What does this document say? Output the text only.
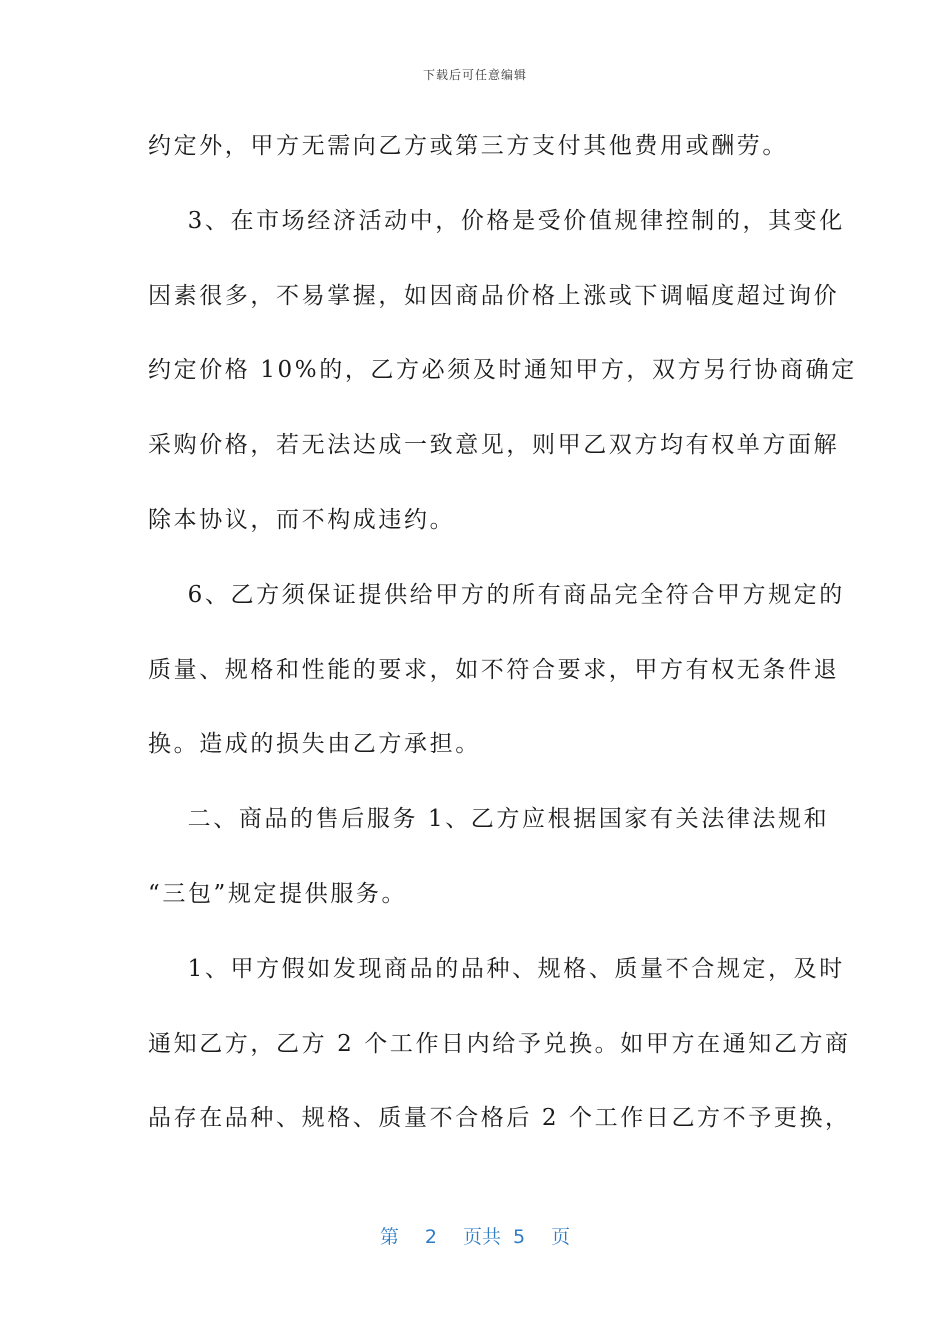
下载后可任意编辑
约定外，甲方无需向乙方或第三方支付其他费用或酬劳。
3、在市场经济活动中，价格是受价值规律控制的，其变化
因素很多，不易掌握，如因商品价格上涨或下调幅度超过询价
约定价格 10%的，乙方必须及时通知甲方，双方另行协商确定
采购价格，若无法达成一致意见，则甲乙双方均有权单方面解
除本协议，而不构成违约。
6、乙方须保证提供给甲方的所有商品完全符合甲方规定的
质量、规格和性能的要求，如不符合要求，甲方有权无条件退
换。造成的损失由乙方承担。
二、商品的售后服务 1、乙方应根据国家有关法律法规和
“三包”规定提供服务。
1、甲方假如发现商品的品种、规格、质量不合规定，及时
通知乙方，乙方 2 个工作日内给予兑换。如甲方在通知乙方商
品存在品种、规格、质量不合格后 2 个工作日乙方不予更换，
第 2 页共 5 页
